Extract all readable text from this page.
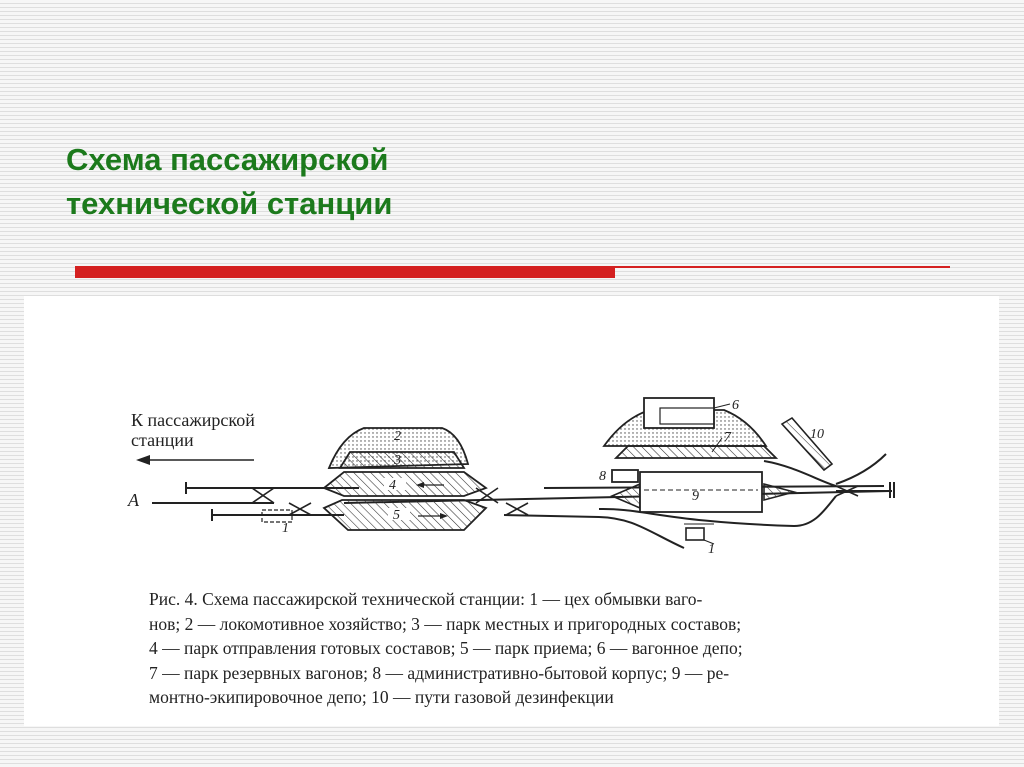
Схема пассажирской
технической станции
К пассажирской
станции
A
2
3
4
5
6
7
8
9
10
1
1

Рис. 4. Схема пассажирской технической станции: 1 — цех обмывки ваго-
нов; 2 — локомотивное хозяйство; 3 — парк местных и пригородных составов;
4 — парк отправления готовых составов; 5 — парк приема; 6 — вагонное депо;
7 — парк резервных вагонов; 8 — административно-бытовой корпус; 9 — ре-
монтно-экипировочное депо; 10 — пути газовой дезинфекции
